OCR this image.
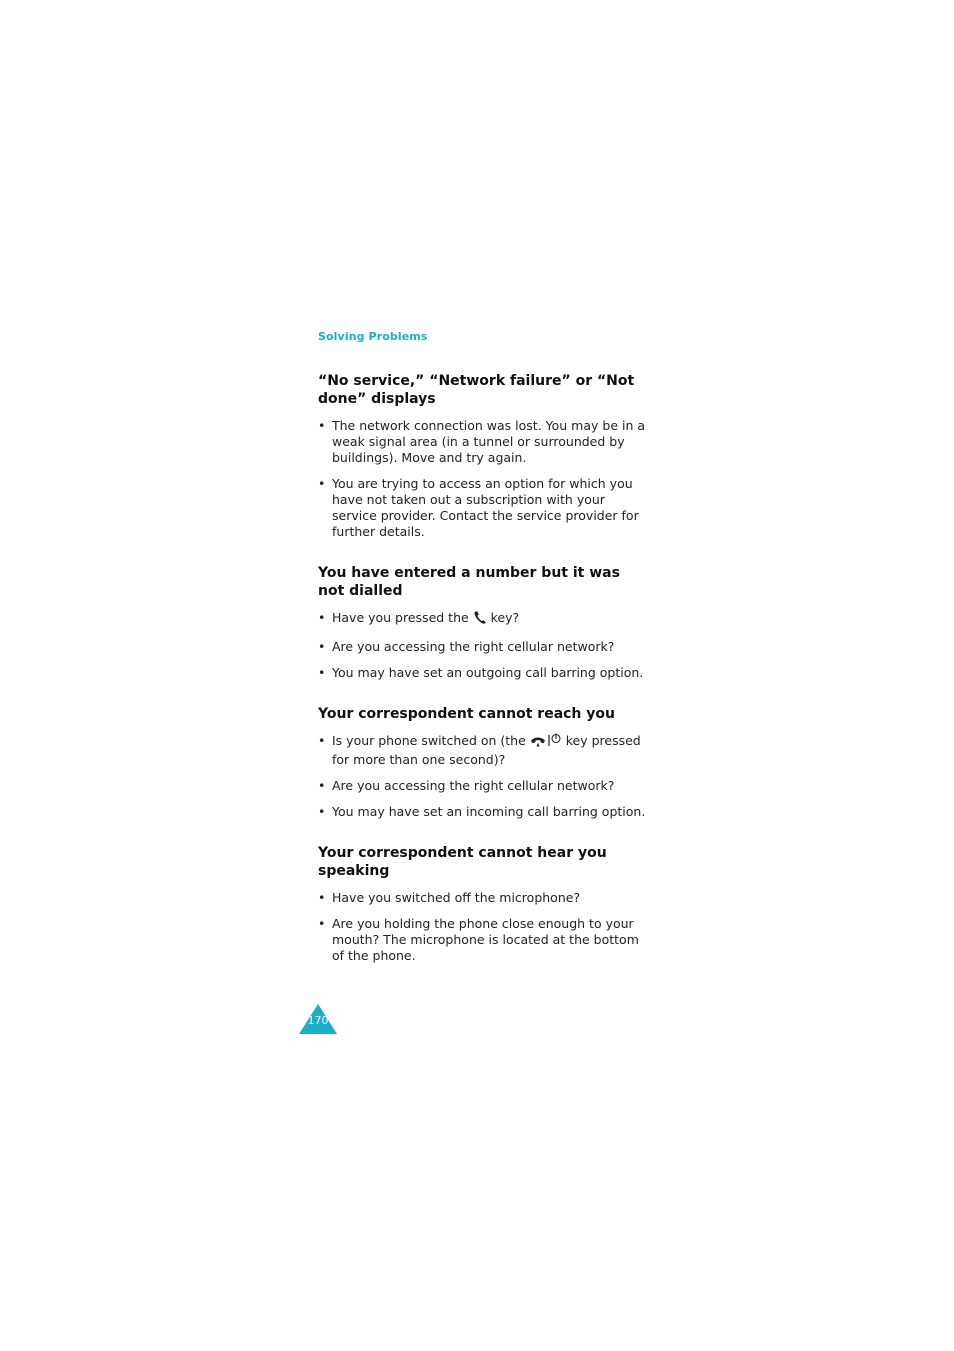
Solving Problems
“No service,” “Network failure” or “Not done” displays
• The network connection was lost. You may be in a weak signal area (in a tunnel or surrounded by buildings). Move and try again.
• You are trying to access an option for which you have not taken out a subscription with your service provider. Contact the service provider for further details.
You have entered a number but it was not dialled
• Have you pressed the  key?
• Are you accessing the right cellular network?
• You may have set an outgoing call barring option.
Your correspondent cannot reach you
• Is your phone switched on (the	key pressed for more than one second)?
• Are you accessing the right cellular network?
• You may have set an incoming call barring option.
Your correspondent cannot hear you speaking
• Have you switched off the microphone?
• Are you holding the phone close enough to your mouth? The microphone is located at the bottom of the phone.
170
